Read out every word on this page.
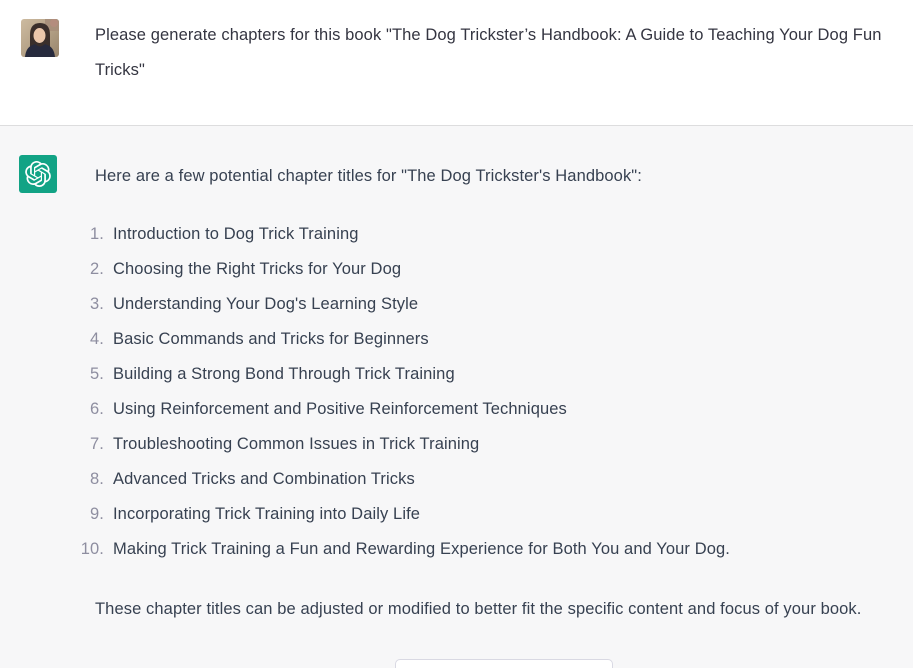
Please generate chapters for this book "The Dog Trickster’s Handbook: A Guide to Teaching Your Dog Fun Tricks"

Here are a few potential chapter titles for "The Dog Trickster's Handbook":

1. Introduction to Dog Trick Training
2. Choosing the Right Tricks for Your Dog
3. Understanding Your Dog's Learning Style
4. Basic Commands and Tricks for Beginners
5. Building a Strong Bond Through Trick Training
6. Using Reinforcement and Positive Reinforcement Techniques
7. Troubleshooting Common Issues in Trick Training
8. Advanced Tricks and Combination Tricks
9. Incorporating Trick Training into Daily Life
10. Making Trick Training a Fun and Rewarding Experience for Both You and Your Dog.

These chapter titles can be adjusted or modified to better fit the specific content and focus of your book.
